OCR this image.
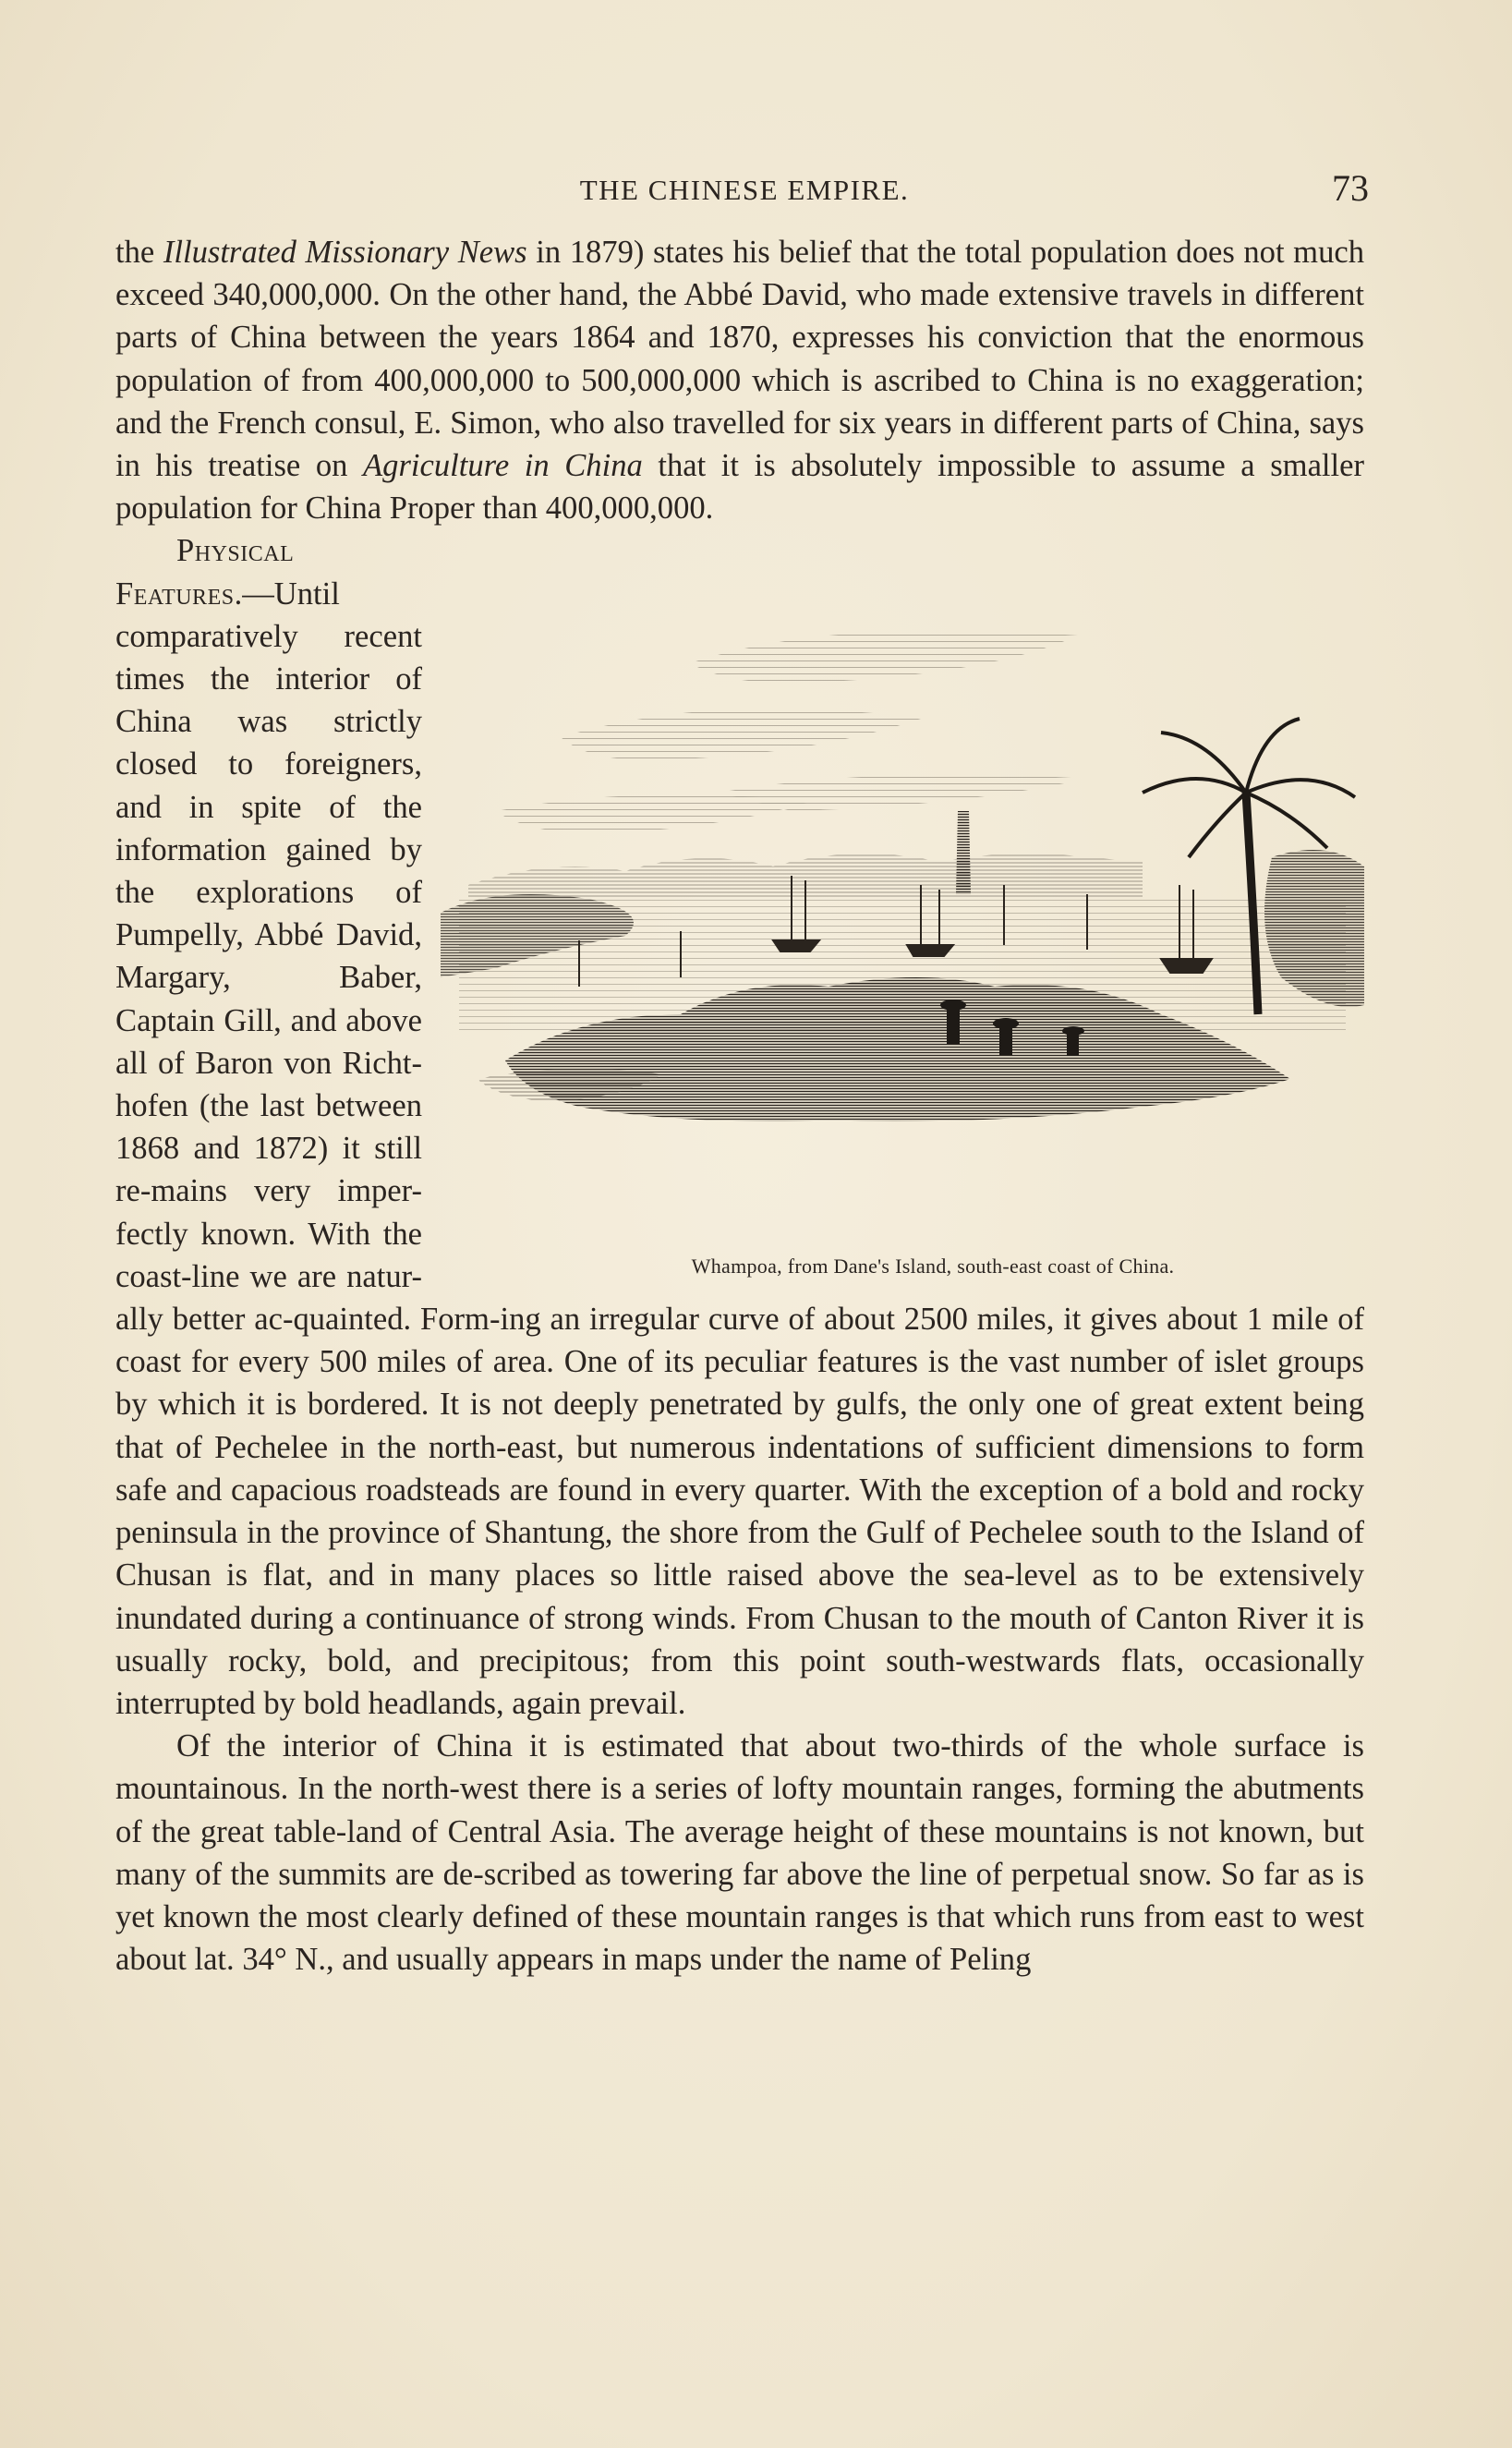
THE CHINESE EMPIRE.	73

the Illustrated Missionary News in 1879) states his belief that the total population does not much exceed 340,000,000. On the other hand, the Abbé David, who made extensive travels in different parts of China between the years 1864 and 1870, expresses his conviction that the enormous population of from 400,000,000 to 500,000,000 which is ascribed to China is no exaggeration; and the French consul, E. Simon, who also travelled for six years in different parts of China, says in his treatise on Agriculture in China that it is absolutely impossible to assume a smaller population for China Proper than 400,000,000.

Whampoa, from Dane's Island, south-east coast of China.
Physical Features.—Until comparatively recent times the interior of China was strictly closed to foreigners, and in spite of the information gained by the explorations of Pumpelly, Abbé David, Margary, Baber, Captain Gill, and above all of Baron von Richt-hofen (the last between 1868 and 1872) it still re-mains very imper-fectly known. With the coast-line we are natur-ally better ac-quainted. Form-ing an irregular curve of about 2500 miles, it gives about 1 mile of coast for every 500 miles of area. One of its peculiar features is the vast number of islet groups by which it is bordered. It is not deeply penetrated by gulfs, the only one of great extent being that of Pechelee in the north-east, but numerous indentations of sufficient dimensions to form safe and capacious roadsteads are found in every quarter. With the exception of a bold and rocky peninsula in the province of Shantung, the shore from the Gulf of Pechelee south to the Island of Chusan is flat, and in many places so little raised above the sea-level as to be extensively inundated during a continuance of strong winds. From Chusan to the mouth of Canton River it is usually rocky, bold, and precipitous; from this point south-westwards flats, occasionally interrupted by bold headlands, again prevail.

Of the interior of China it is estimated that about two-thirds of the whole surface is mountainous. In the north-west there is a series of lofty mountain ranges, forming the abutments of the great table-land of Central Asia. The average height of these mountains is not known, but many of the summits are de-scribed as towering far above the line of perpetual snow. So far as is yet known the most clearly defined of these mountain ranges is that which runs from east to west about lat. 34° N., and usually appears in maps under the name of Peling
